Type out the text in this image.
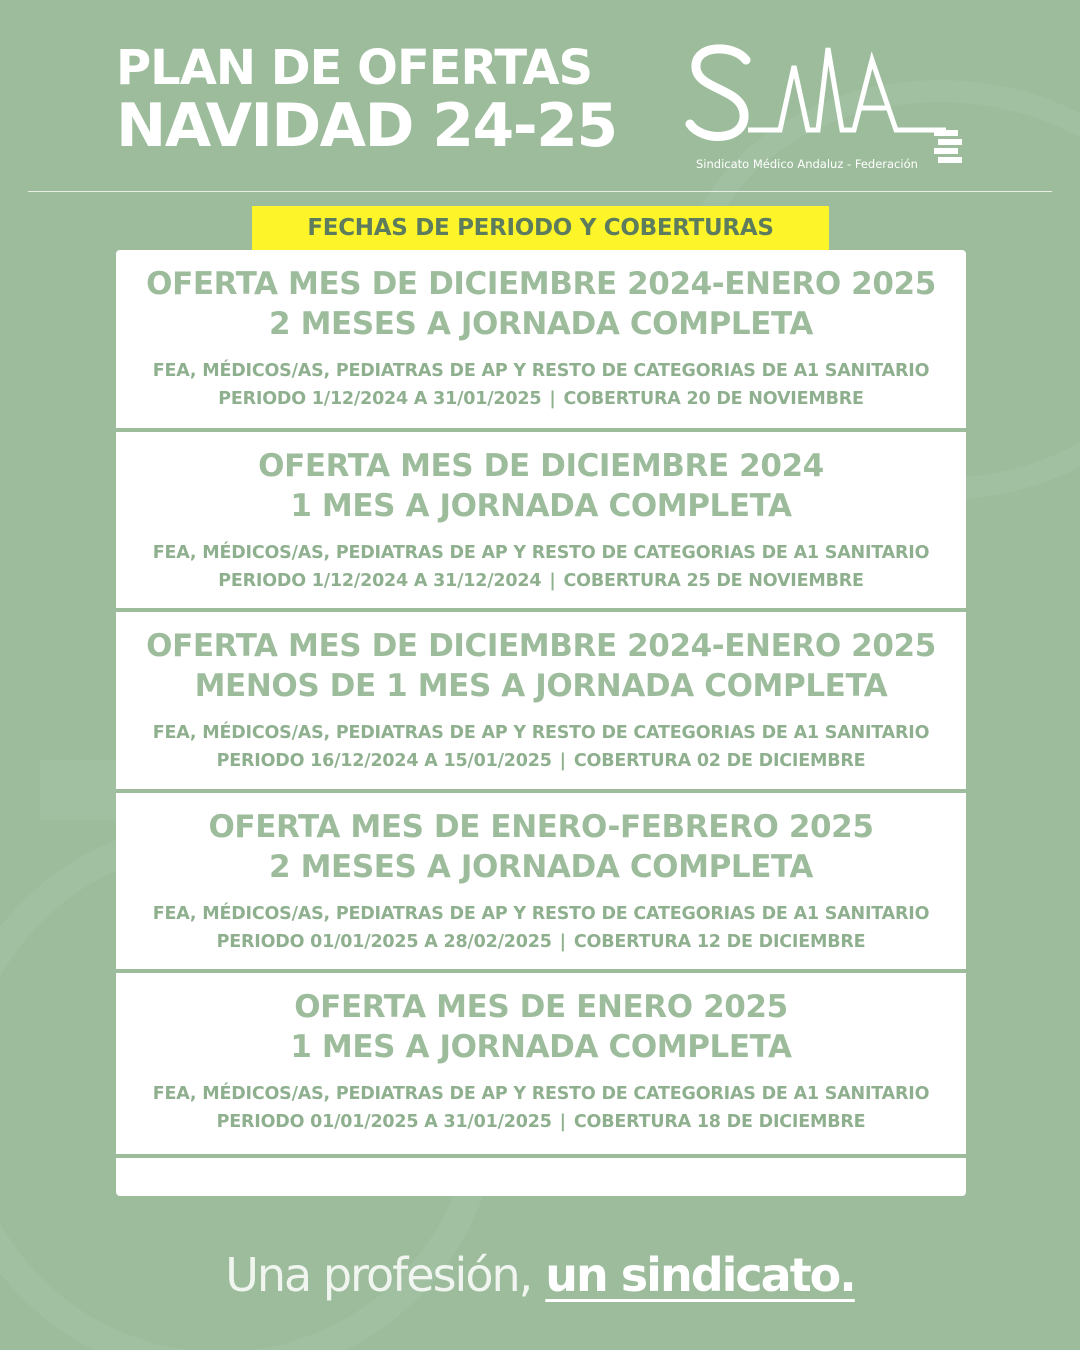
PLAN DE OFERTAS
NAVIDAD 24-25
Sindicato Médico Andaluz - Federación
FECHAS DE PERIODO Y COBERTURAS
OFERTA MES DE DICIEMBRE 2024-ENERO 2025
2 MESES A JORNADA COMPLETA
FEA, MÉDICOS/AS, PEDIATRAS DE AP Y RESTO DE CATEGORIAS DE A1 SANITARIO
PERIODO 1/12/2024 A 31/01/2025 | COBERTURA 20 DE NOVIEMBRE
OFERTA MES DE DICIEMBRE 2024
1 MES A JORNADA COMPLETA
FEA, MÉDICOS/AS, PEDIATRAS DE AP Y RESTO DE CATEGORIAS DE A1 SANITARIO
PERIODO 1/12/2024 A 31/12/2024 | COBERTURA 25 DE NOVIEMBRE
OFERTA MES DE DICIEMBRE 2024-ENERO 2025
MENOS DE 1 MES A JORNADA COMPLETA
FEA, MÉDICOS/AS, PEDIATRAS DE AP Y RESTO DE CATEGORIAS DE A1 SANITARIO
PERIODO 16/12/2024 A 15/01/2025 | COBERTURA 02 DE DICIEMBRE
OFERTA MES DE ENERO-FEBRERO 2025
2 MESES A JORNADA COMPLETA
FEA, MÉDICOS/AS, PEDIATRAS DE AP Y RESTO DE CATEGORIAS DE A1 SANITARIO
PERIODO 01/01/2025 A 28/02/2025 | COBERTURA 12 DE DICIEMBRE
OFERTA MES DE ENERO 2025
1 MES A JORNADA COMPLETA
FEA, MÉDICOS/AS, PEDIATRAS DE AP Y RESTO DE CATEGORIAS DE A1 SANITARIO
PERIODO 01/01/2025 A 31/01/2025 | COBERTURA 18 DE DICIEMBRE
Una profesión, un sindicato.
